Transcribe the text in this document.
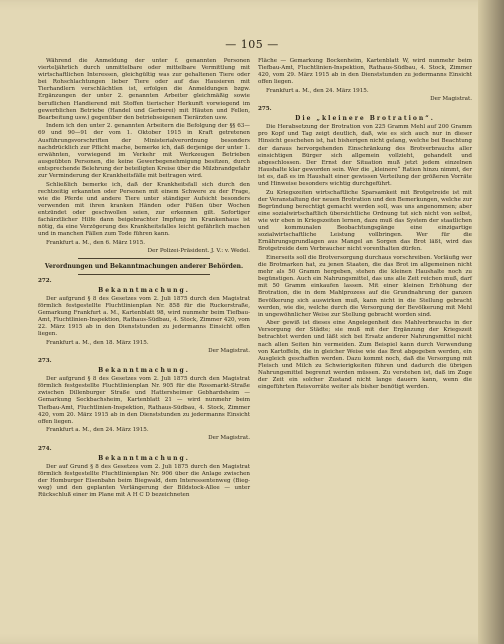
— 105 —

Während die Anmeldung der unter f. genannten Personen vierteljährlich durch unmittelbare oder mittelbare Vermittlung mit wirtschaftlichen Interessen, gleichgültig was zur gehaltenen Tiere oder bei Rohschlachtungen lieber Tiere oder auf das Hausieren mit Tierhandlern verschlächtlen ist, erfolgen die Anmeldungen bzgw. Ergänzungen der unter 2. genannten Arbeiter gleichmäßig sowie beruflichen Handierend mit Stoffen tierischer Herkunft vorwiegend im gewerblichen Betriebe (Handel und Gerberei) mit Häuten und Fellen, Bearbeitung usw.) gegenüber den betriebseigenen Tierärzten usw.

Indem ich den unter 2. genannten Arbeitern die Befolgung der §§ 63—69 und 90—91 der vom 1. Oktober 1915 in Kraft getretenen Ausführungsvorschriften der Ministerialverordnung besonders nachdrücklich zur Pflicht mache, bemerke ich, daß derjenige der unter 1. erwähnten, vorwiegend im Verkehr mit Werkzeugen Betrieben ausgeübten Personen, die keine Gewerbegenehmigung besitzen, durch entsprechende Belehrung der beteiligten Kreise über die Milzbrandgefahr zur Verminderung der Krankheitsfälle mit beitragen wird.

Schließlich bemerke ich, daß der Krankheitsfall sich durch den rechtzeitig erkannten oder Personen mit einem Schwere zu der Frage, wie die Pferde und andere Tiere unter ständiger Aufsicht besonders verwenden mit ihren kranken Händen oder Füßen über Wochen entzündet oder geschwollen seien, zur erkennen gilt. Sofortiger fachärztlicher Hilfe dann beigebrachter Impfung im Krankenhaus ist nötig, da eine Verzögerung des Krankheitsfalles leicht gefährlich machen und in manchen Fällen zum Tode führen kann.

Frankfurt a. M., den 6. März 1915.

Der Polizei-Präsident. J. V.: v. Wedel.

Verordnungen und Bekanntmachungen anderer Behörden.
272.
Bekanntmachung.

Der aufgrund § 8 des Gesetzes vom 2. Juli 1875 durch den Magistrat förmlich festgestellte Fluchtlinienplan Nr. 858 für die Ruckerstraße, Gemarkung Frankfurt a. M., Kartenblatt 98, wird nunmehr beim Tiefbau-Amt, Fluchtlinien-Inspektion, Rathaus-Südbau, 4. Stock, Zimmer 420, vom 22. März 1915 ab in den Dienststunden zu jedermanns Einsicht offen liegen.

Frankfurt a. M., den 18. März 1915.

Der Magistrat.

273.
Bekanntmachung.

Der aufgrund § 8 des Gesetzes vom 2. Juli 1875 durch den Magistrat förmlich festgestellte Fluchtlinienplan Nr. 905 für die Rossmarkt-Straße zwischen Dillenburger Straße und Hattersheimer Gebhardsheim — Gemarkung Seckbachsheim, Kartenblatt 21 — wird nunmehr beim Tiefbau-Amt, Fluchtlinien-Inspektion, Rathaus-Südbau, 4. Stock, Zimmer 420, vom 20. März 1915 ab in den Dienststunden zu jedermanns Einsicht offen liegen.

Frankfurt a. M., den 24. März 1915.

Der Magistrat.

274.
Bekanntmachung.

Der auf Grund § 8 des Gesetzes vom 2. Juli 1875 durch den Magistrat förmlich festgestellte Fluchtlinienplan Nr. 906 über die Anlage zwischen der Homburger Eisenbahn beim Biegwald, dem Interessentenweg (Bieg-weg) und den geplanten Verlängerung der Bildstock-Allee — unter Rückschluß einer im Plane mit A H C D bezeichneten

Fläche — Gemarkung Bockenheim, Kartenblatt W, wird nunmehr beim Tiefbau-Amt, Fluchtlinien-Inspektion, Rathaus-Südbau, 4. Stock, Zimmer 420, vom 29. März 1915 ab in den Dienststunden zu jedermanns Einsicht offen liegen.

Frankfurt a. M., den 24. März 1915.

Der Magistrat.

275.
Die „kleinere Brotration“.

Die Herabsetzung der Brotration von 225 Gramm Mehl auf 200 Gramm pro Kopf und Tag zeigt deutlich, daß, wie es sich auch nur in dieser Hinsicht geschehen ist, hat bisherigen nicht gelang, welche bei Beachtung der daraus hervorgehenden Einschränkung des Brotverbrauchs aller einsichtigen Bürger sich allgemein vollzieht, gehandelt und abgeschlossen. Der Ernst der Situation muß jetzt jedem einzelnen Haushalte klar geworden sein. Wer die „kleinere“ Ration hinzu nimmt, der ist es, daß es im Haushalt einer gewissen Verteilung der größeren Vorräte und Hinweise besonders wichtig durchgeführt.

Zu Kriegszeiten wirtschaftliche Sparsamkeit mit Brotgetreide ist mit der Veranstaltung der neuen Brotration und den Bemerkungen, welche zur Begründung berechtigt gemacht werden soll, was uns angenommen; aber eine sozialwirtschaftlich übersichtliche Ordnung tut sich nicht von selbst, wie wir eben in Kriegszeiten lernen, dazu muß das System der staatlichen und kommunalen Beobachtungsgänge eine einzigartige sozialwirtschaftliche Leistung vollbringen. Wer für die Ernährungsgrundlagen aus Mangel an Sorgen das Brot läßt, wird das Brotgetreide dem Verbraucher nicht vorenthalten dürfen.

Einerseits soll die Brotversorgung durchaus vorschreiben. Vorläufig wer die Brotmarken hat, zu jenen Staaten, die das Brot im allgemeinen nicht mehr als 50 Gramm hergeben, stehen die kleinen Haushalte noch zu begünstigen. Auch ein Nahrungsmittel, das uns alle Zeit reichen muß, darf mit 50 Gramm einkaufen lassen. Mit einer kleinen Erhöhung der Brotration, die in dem Mahlprozess auf die Grundnahrung der ganzen Bevölkerung sich auswirken muß, kann nicht in die Stellung gebracht werden, wie die, welche durch die Versorgung der Bevölkerung mit Mehl in ungewöhnlicher Weise zur Stellung gebracht worden sind.

Aber gewiß ist dieses eine Angelegenheit des Mahlverbrauchs in der Versorgung der Städte; sie muß mit der Ergänzung der Kriegszeit betrachtet werden und läßt sich bei Ersatz anderer Nahrungsmittel nicht nach allen Seiten hin vermeiden. Zum Beispiel kann durch Verwendung von Kartoffeln, die in gleicher Weise wie das Brot abgegeben werden, ein Ausgleich geschaffen werden. Dazu kommt noch, daß die Versorgung mit Fleisch und Milch zu Schwierigkeiten führen und dadurch die übrigen Nahrungsmittel begrenzt werden müssen. Zu verstehen ist, daß im Zuge der Zeit ein solcher Zustand nicht lange dauern kann, wenn die eingeführten Reisvorräte weiter als bisher benötigt werden.
